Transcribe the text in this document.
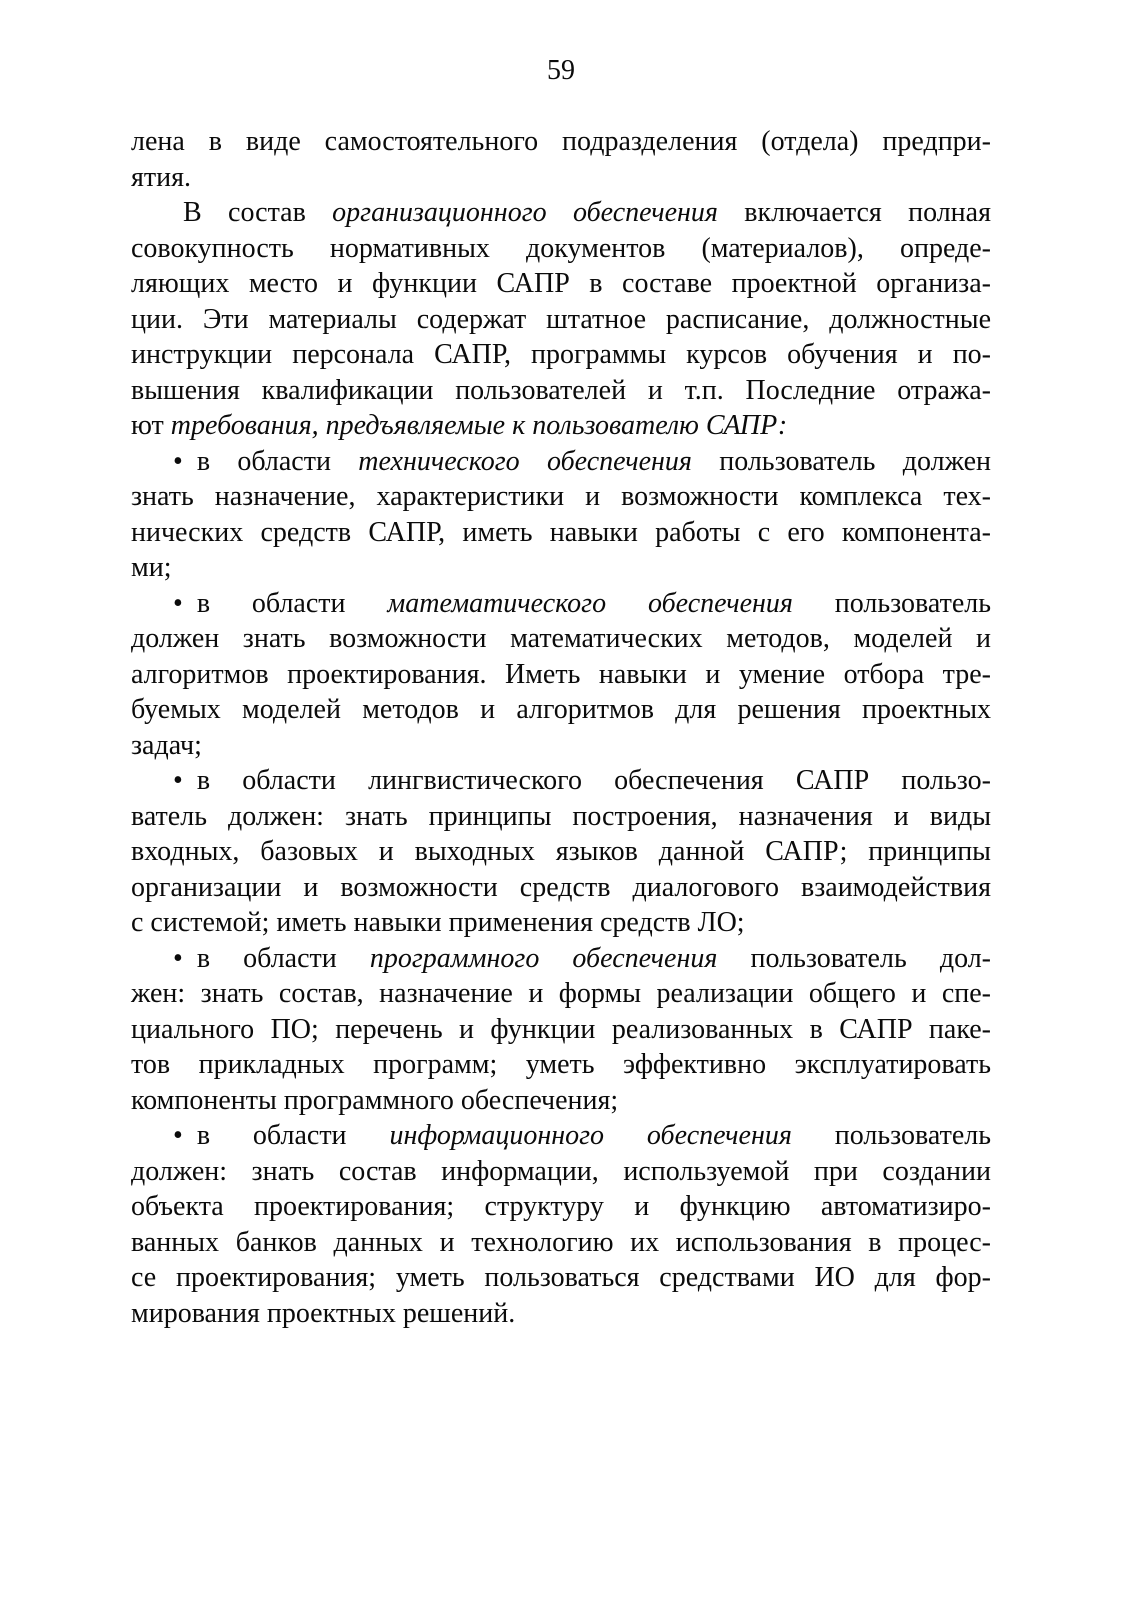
59
лена в виде самостоятельного подразделения (отдела) предпри-
ятия.
В состав организационного обеспечения включается полная
совокупность нормативных документов (материалов), опреде-
ляющих место и функции САПР в составе проектной организа-
ции. Эти материалы содержат штатное расписание, должностные
инструкции персонала САПР, программы курсов обучения и по-
вышения квалификации пользователей и т.п. Последние отража-
ют требования, предъявляемые к пользователю САПР:
• в области технического обеспечения пользователь должен
знать назначение, характеристики и возможности комплекса тех-
нических средств САПР, иметь навыки работы с его компонента-
ми;
• в области математического обеспечения пользователь
должен знать возможности математических методов, моделей и
алгоритмов проектирования. Иметь навыки и умение отбора тре-
буемых моделей методов и алгоритмов для решения проектных
задач;
• в области лингвистического обеспечения САПР пользо-
ватель должен: знать принципы построения, назначения и виды
входных, базовых и выходных языков данной САПР; принципы
организации и возможности средств диалогового взаимодействия
с системой; иметь навыки применения средств ЛО;
• в области программного обеспечения пользователь дол-
жен: знать состав, назначение и формы реализации общего и спе-
циального ПО; перечень и функции реализованных в САПР паке-
тов прикладных программ; уметь эффективно эксплуатировать
компоненты программного обеспечения;
• в области информационного обеспечения пользователь
должен: знать состав информации, используемой при создании
объекта проектирования; структуру и функцию автоматизиро-
ванных банков данных и технологию их использования в процес-
се проектирования; уметь пользоваться средствами ИО для фор-
мирования проектных решений.
